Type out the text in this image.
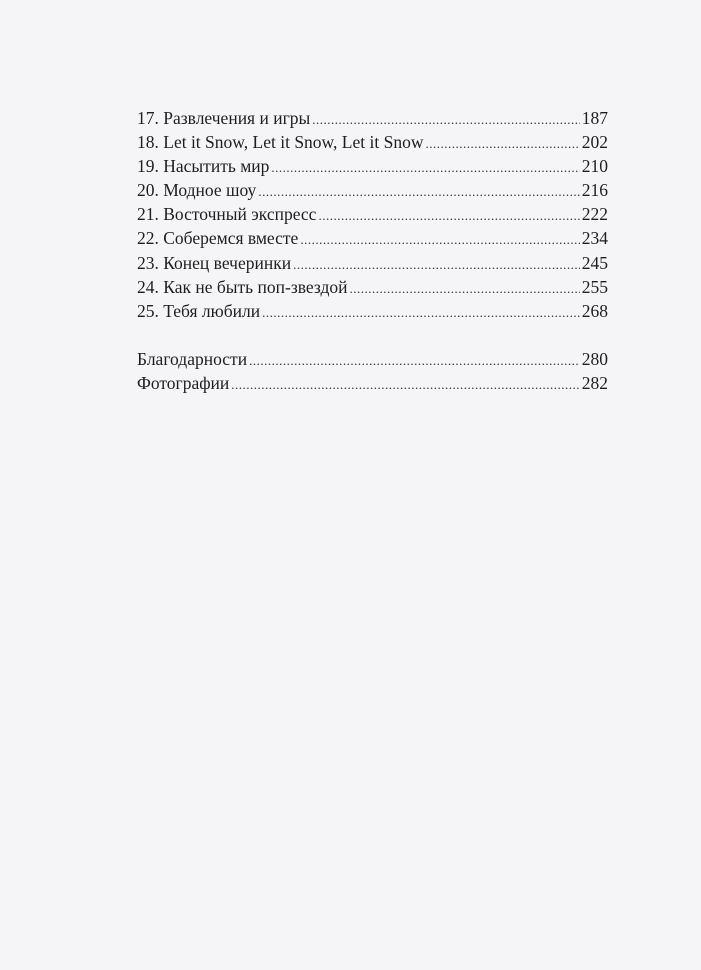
17. Развлечения и игры .....	187
18. Let it Snow, Let it Snow, Let it Snow .....	202
19. Насытить мир .....	210
20. Модное шоу .....	216
21. Восточный экспресс .....	222
22. Соберемся вместе .....	234
23. Конец вечеринки .....	245
24. Как не быть поп-звездой .....	255
25. Тебя любили .....	268
Благодарности .....	280
Фотографии .....	282
